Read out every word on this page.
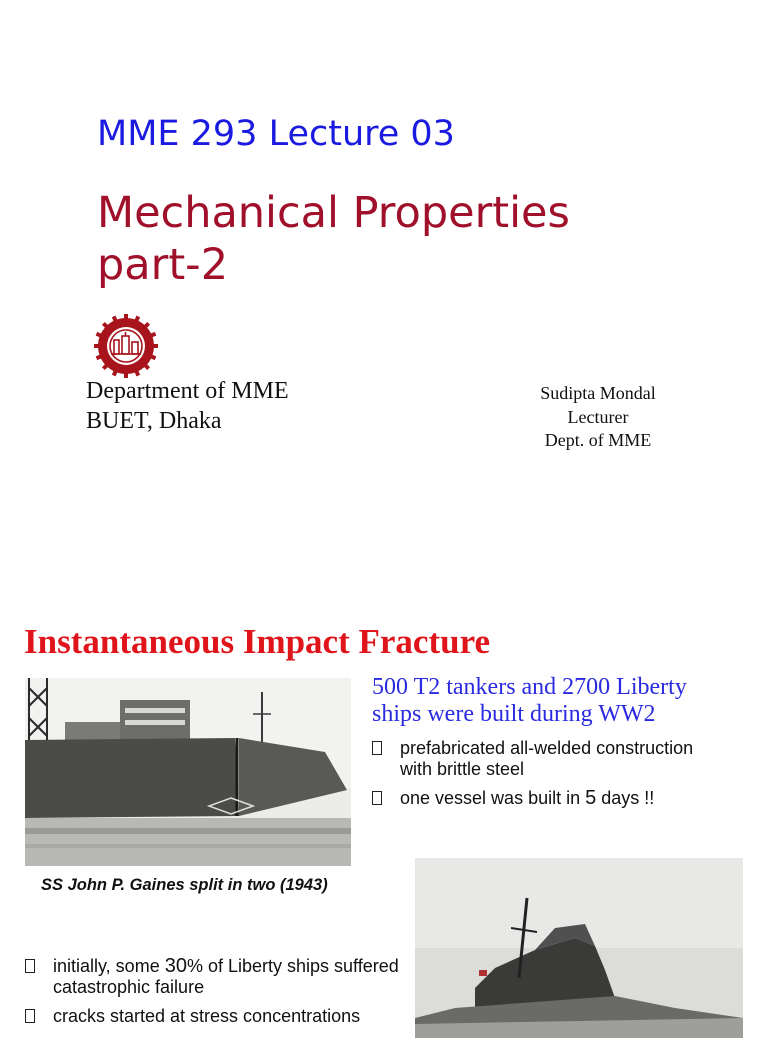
MME 293 Lecture 03
Mechanical Properties
part-2
Department of MME
BUET, Dhaka
Sudipta Mondal
Lecturer
Dept. of MME
Instantaneous Impact Fracture
SS John P. Gaines split in two (1943)
500 T2 tankers and 2700 Liberty
ships were built during WW2
prefabricated all-welded construction
with brittle steel
one vessel was built in 5 days !!
initially, some 30% of Liberty ships suffered
catastrophic failure
cracks started at stress concentrations
